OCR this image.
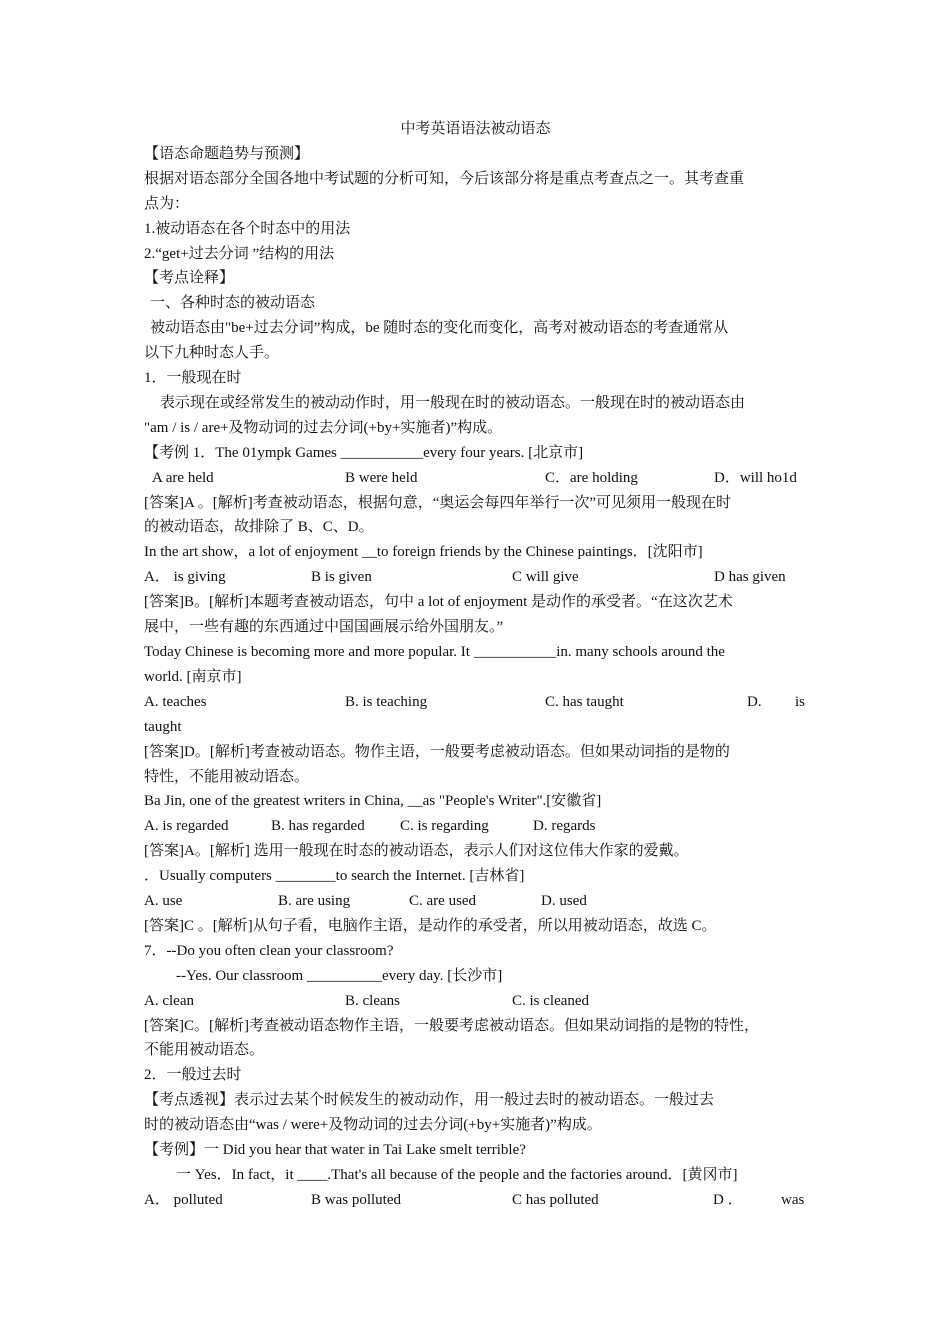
中考英语语法被动语态
【语态命题趋势与预测】
根据对语态部分全国各地中考试题的分析可知，今后该部分将是重点考查点之一。其考查重
点为：
1.被动语态在各个时态中的用法
2.“get+过去分词 ”结构的用法
【考点诠释】
一、各种时态的被动语态
被动语态由"be+过去分词”构成，be 随时态的变化而变化，高考对被动语态的考查通常从
以下九种时态人手。
1．一般现在时
表示现在或经常发生的被动动作时，用一般现在时的被动语态。一般现在时的被动语态由
"am / is / are+及物动词的过去分词(+by+实施者)”构成。
【考例 1．The 01ympk Games ___________every four years. [北京市]
A are held	B were held	C．are holding	D．will ho1d
[答案]A 。[解析]考查被动语态，根据句意，“奥运会每四年举行一次”可见须用一般现在时
的被动语态，故排除了 B、C、D。
In the art show，a lot of enjoyment __to foreign friends by the Chinese paintings．[沈阳市]
A． is giving	B is given	C will give	D has given
[答案]B。[解析]本题考查被动语态，句中 a lot of enjoyment 是动作的承受者。“在这次艺术
展中，一些有趣的东西通过中国国画展示给外国朋友。”
Today Chinese is becoming more and more popular. It ___________in. many schools around the
world. [南京市]
A. teaches	B. is teaching	C. has taught	D. is
taught
[答案]D。[解析]考查被动语态。物作主语，一般要考虑被动语态。但如果动词指的是物的
特性，不能用被动语态。
Ba Jin, one of the greatest writers in China, __as "People's Writer".[安徽省]
A. is regarded	B. has regarded C. is regarding	D. regards
[答案]A。[解析] 选用一般现在时态的被动语态，表示人们对这位伟大作家的爱戴。
．Usually computers ________to search the Internet. [吉林省]
A. use	B. are using	C. are used	D. used
[答案]C 。[解析]从句子看，电脑作主语，是动作的承受者，所以用被动语态，故选 C。
7．--Do you often clean your classroom?
--Yes. Our classroom __________every day. [长沙市]
A. clean	B. cleans	C. is cleaned
[答案]C。[解析]考查被动语态物作主语，一般要考虑被动语态。但如果动词指的是物的特性，
不能用被动语态。
2．一般过去时
【考点透视】表示过去某个时候发生的被动动作，用一般过去时的被动语态。一般过去
时的被动语态由“was / were+及物动词的过去分词(+by+实施者)”构成。
【考例】一 Did you hear that water in Tai Lake smelt terrible?
一 Yes．In fact，it ____.That's all because of the people and the factories around．[黄冈市]
A． polluted	B was polluted	C has polluted	D ．	was
